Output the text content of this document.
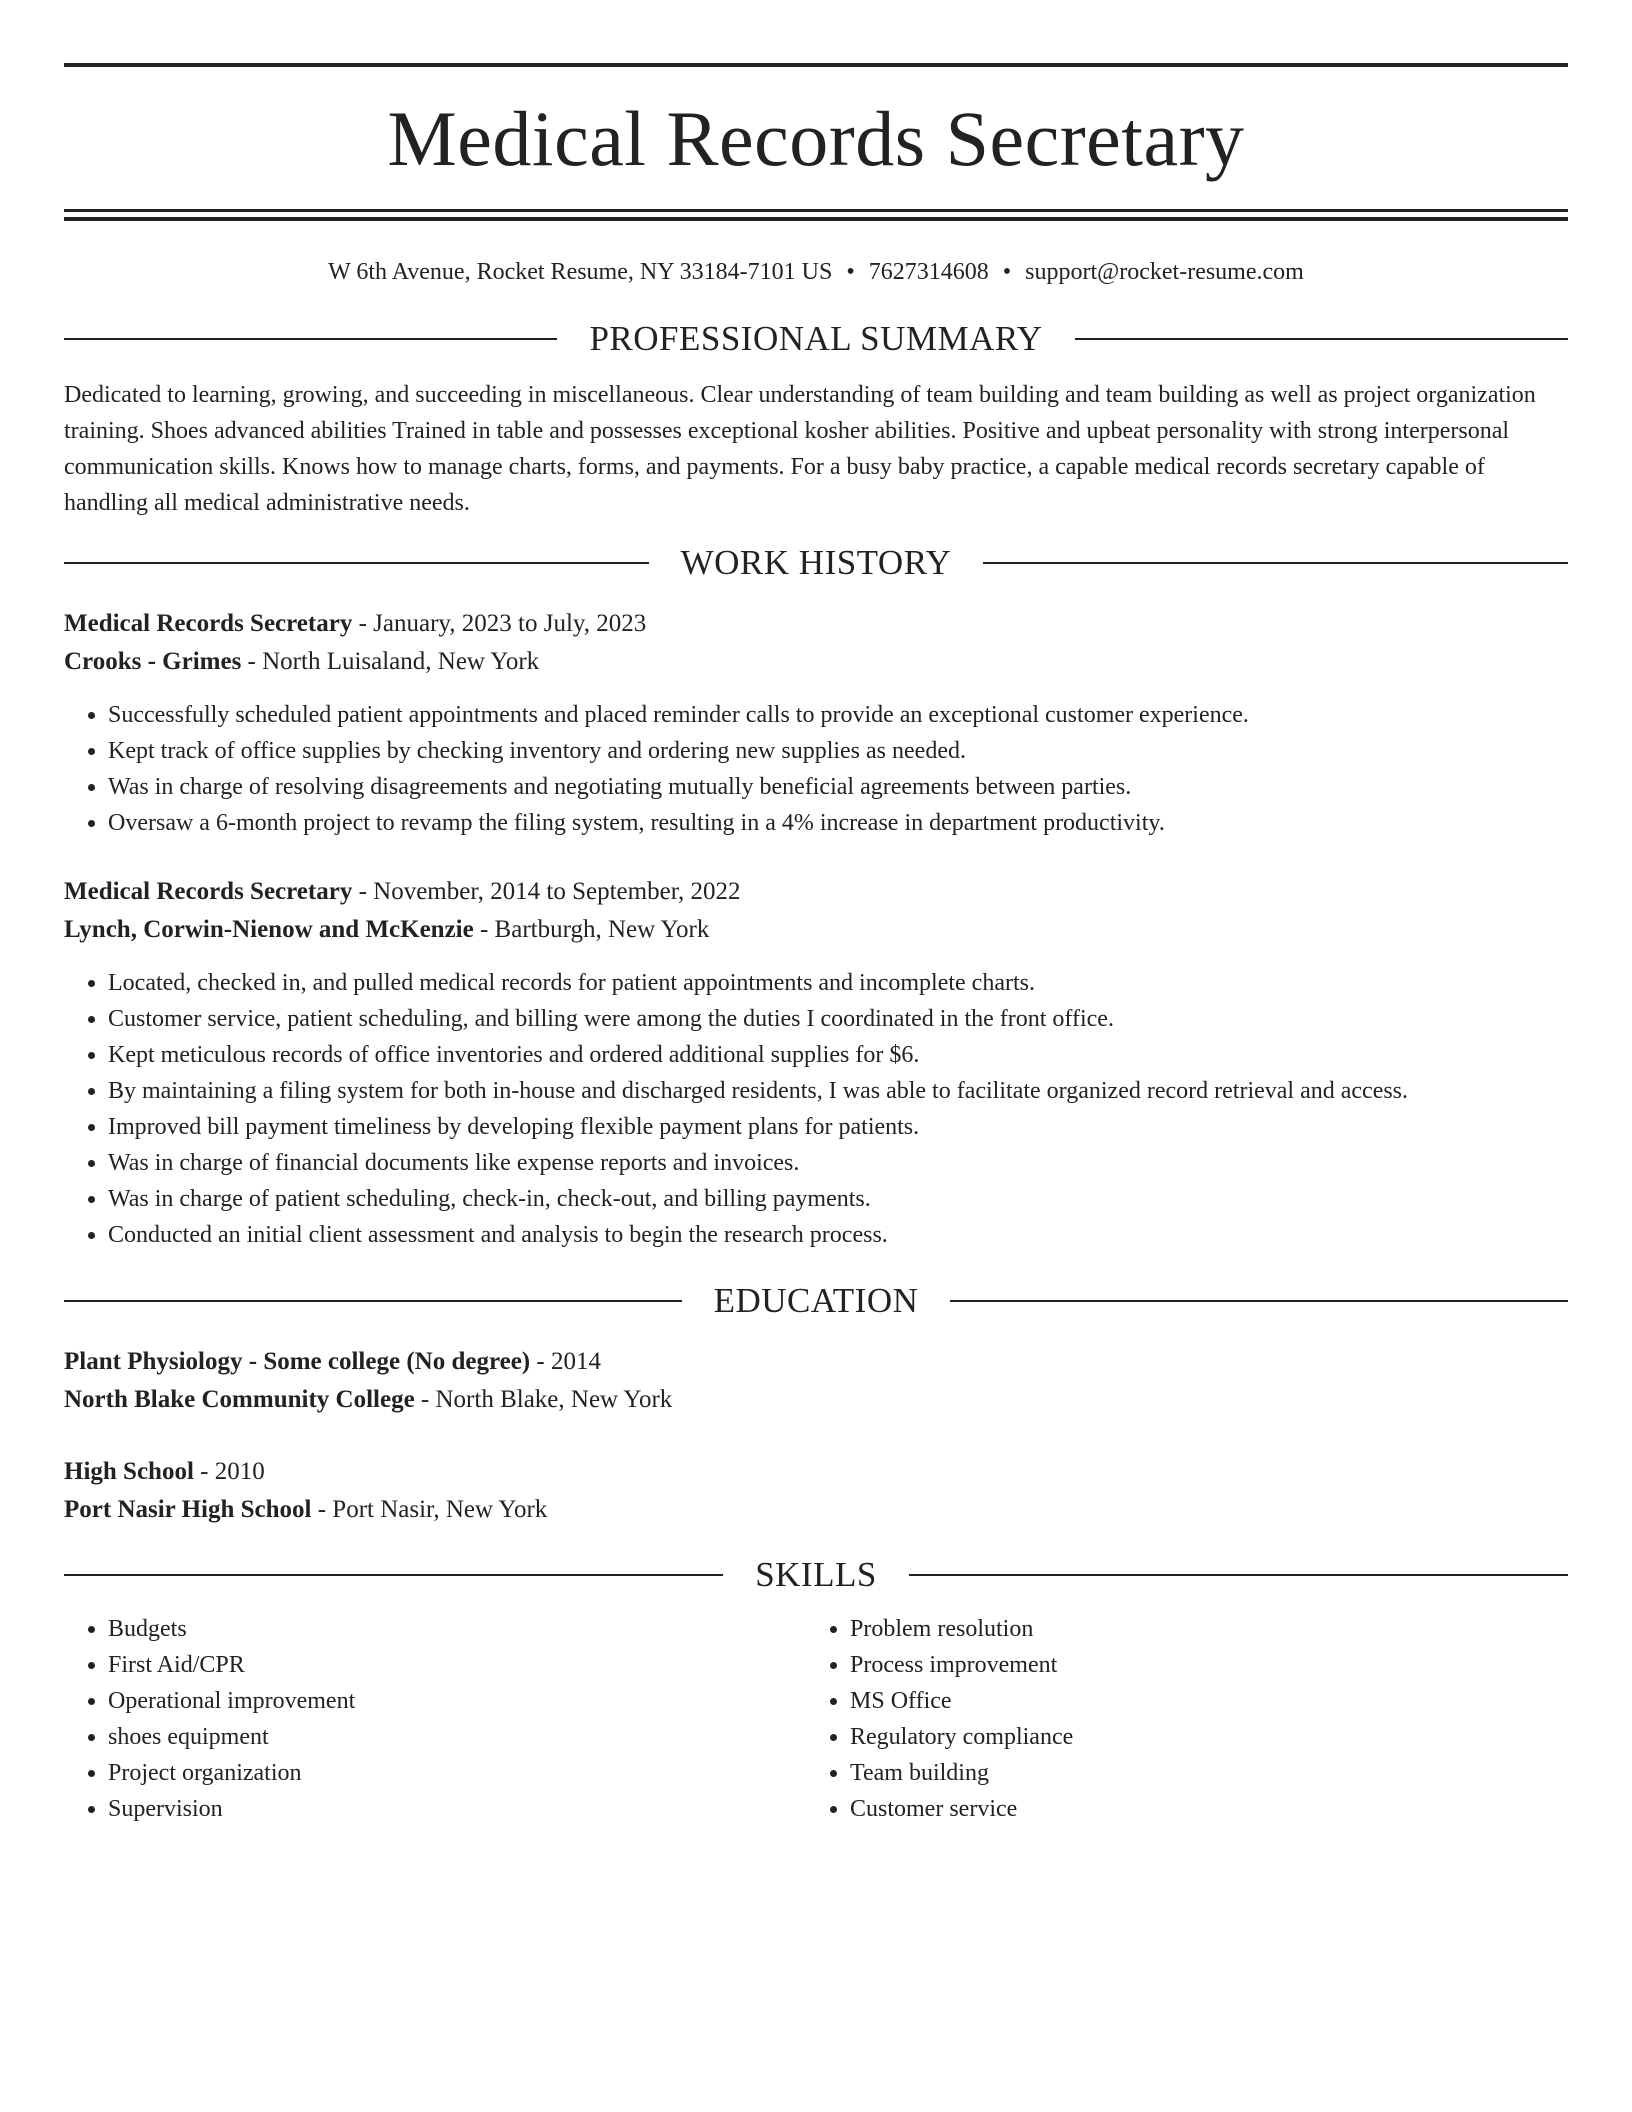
Medical Records Secretary
W 6th Avenue, Rocket Resume, NY 33184-7101 US • 7627314608 • support@rocket-resume.com
PROFESSIONAL SUMMARY
Dedicated to learning, growing, and succeeding in miscellaneous. Clear understanding of team building and team building as well as project organization training. Shoes advanced abilities Trained in table and possesses exceptional kosher abilities. Positive and upbeat personality with strong interpersonal communication skills. Knows how to manage charts, forms, and payments. For a busy baby practice, a capable medical records secretary capable of handling all medical administrative needs.
WORK HISTORY
Medical Records Secretary - January, 2023 to July, 2023
Crooks - Grimes - North Luisaland, New York
• Successfully scheduled patient appointments and placed reminder calls to provide an exceptional customer experience.
• Kept track of office supplies by checking inventory and ordering new supplies as needed.
• Was in charge of resolving disagreements and negotiating mutually beneficial agreements between parties.
• Oversaw a 6-month project to revamp the filing system, resulting in a 4% increase in department productivity.
Medical Records Secretary - November, 2014 to September, 2022
Lynch, Corwin-Nienow and McKenzie - Bartburgh, New York
• Located, checked in, and pulled medical records for patient appointments and incomplete charts.
• Customer service, patient scheduling, and billing were among the duties I coordinated in the front office.
• Kept meticulous records of office inventories and ordered additional supplies for $6.
• By maintaining a filing system for both in-house and discharged residents, I was able to facilitate organized record retrieval and access.
• Improved bill payment timeliness by developing flexible payment plans for patients.
• Was in charge of financial documents like expense reports and invoices.
• Was in charge of patient scheduling, check-in, check-out, and billing payments.
• Conducted an initial client assessment and analysis to begin the research process.
EDUCATION
Plant Physiology - Some college (No degree) - 2014
North Blake Community College - North Blake, New York
High School - 2010
Port Nasir High School - Port Nasir, New York
SKILLS
• Budgets
• First Aid/CPR
• Operational improvement
• shoes equipment
• Project organization
• Supervision
• Problem resolution
• Process improvement
• MS Office
• Regulatory compliance
• Team building
• Customer service
